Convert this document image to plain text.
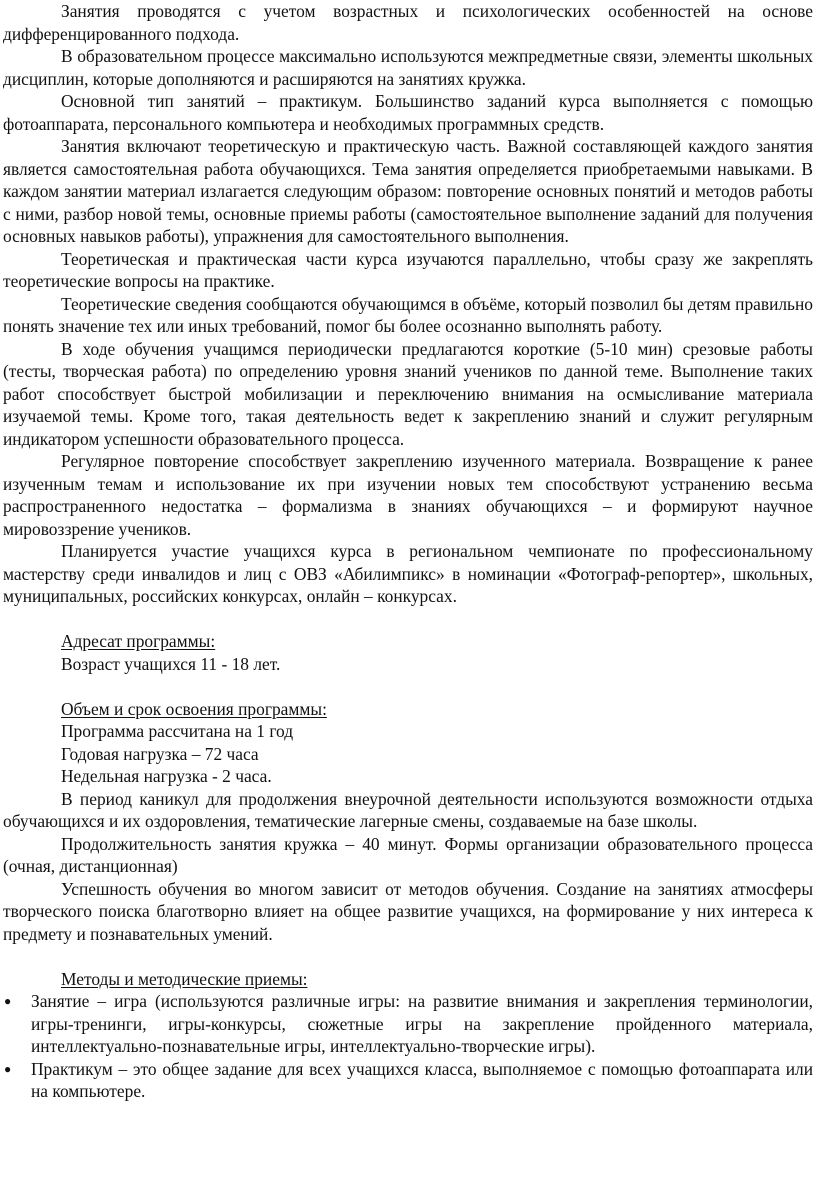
Занятия проводятся с учетом возрастных и психологических особенностей на основе дифференцированного подхода.

В образовательном процессе максимально используются межпредметные связи, элементы школьных дисциплин, которые дополняются и расширяются на занятиях кружка.

Основной тип занятий – практикум. Большинство заданий курса выполняется с помощью фотоаппарата, персонального компьютера и необходимых программных средств.

Занятия включают теоретическую и практическую часть. Важной составляющей каждого занятия является самостоятельная работа обучающихся. Тема занятия определяется приобретаемыми навыками. В каждом занятии материал излагается следующим образом: повторение основных понятий и методов работы с ними, разбор новой темы, основные приемы работы (самостоятельное выполнение заданий для получения основных навыков работы), упражнения для самостоятельного выполнения.

Теоретическая и практическая части курса изучаются параллельно, чтобы сразу же закреплять теоретические вопросы на практике.

Теоретические сведения сообщаются обучающимся в объёме, который позволил бы детям правильно понять значение тех или иных требований, помог бы более осознанно выполнять работу.

В ходе обучения учащимся периодически предлагаются короткие (5-10 мин) срезовые работы (тесты, творческая работа) по определению уровня знаний учеников по данной теме. Выполнение таких работ способствует быстрой мобилизации и переключению внимания на осмысливание материала изучаемой темы. Кроме того, такая деятельность ведет к закреплению знаний и служит регулярным индикатором успешности образовательного процесса.

Регулярное повторение способствует закреплению изученного материала. Возвращение к ранее изученным темам и использование их при изучении новых тем способствуют устранению весьма распространенного недостатка – формализма в знаниях обучающихся – и формируют научное мировоззрение учеников.

Планируется участие учащихся курса в региональном чемпионате по профессиональному мастерству среди инвалидов и лиц с ОВЗ «Абилимпикс» в номинации «Фотограф-репортер», школьных, муниципальных, российских конкурсах, онлайн – конкурсах.

Адресат программы:

Возраст учащихся 11 - 18 лет.

Объем и срок освоения программы:

Программа рассчитана на 1 год

Годовая нагрузка – 72 часа

Недельная нагрузка - 2 часа.

В период каникул для продолжения внеурочной деятельности используются возможности отдыха обучающихся и их оздоровления, тематические лагерные смены, создаваемые на базе школы.

Продолжительность занятия кружка – 40 минут. Формы организации образовательного процесса (очная, дистанционная)

Успешность обучения во многом зависит от методов обучения. Создание на занятиях атмосферы творческого поиска благотворно влияет на общее развитие учащихся, на формирование у них интереса к предмету и познавательных умений.

Методы и методические приемы:

● Занятие – игра (используются различные игры: на развитие внимания и закрепления терминологии, игры-тренинги, игры-конкурсы, сюжетные игры на закрепление пройденного материала, интеллектуально-познавательные игры, интеллектуально-творческие игры).
● Практикум – это общее задание для всех учащихся класса, выполняемое с помощью фотоаппарата или на компьютере.
